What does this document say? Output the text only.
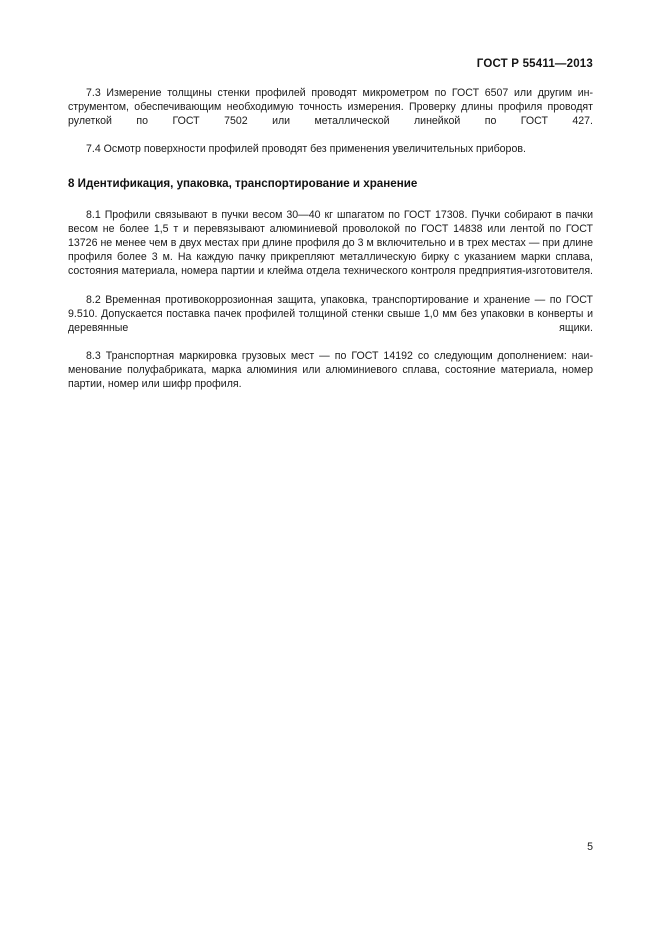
ГОСТ Р 55411—2013

7.3 Измерение толщины стенки профилей проводят микрометром по ГОСТ 6507 или другим инструментом, обеспечивающим необходимую точность измерения. Проверку длины профиля проводят рулеткой по ГОСТ 7502 или металлической линейкой по ГОСТ 427.

7.4 Осмотр поверхности профилей проводят без применения увеличительных приборов.

8 Идентификация, упаковка, транспортирование и хранение

8.1 Профили связывают в пучки весом 30—40 кг шпагатом по ГОСТ 17308. Пучки собирают в пачки весом не более 1,5 т и перевязывают алюминиевой проволокой по ГОСТ 14838 или лентой по ГОСТ 13726 не менее чем в двух местах при длине профиля до 3 м включительно и в трех местах — при длине профиля более 3 м. На каждую пачку прикрепляют металлическую бирку с указанием марки сплава, состояния материала, номера партии и клейма отдела технического контроля предприятия-изготовителя.

8.2 Временная противокоррозионная защита, упаковка, транспортирование и хранение — по ГОСТ 9.510. Допускается поставка пачек профилей толщиной стенки свыше 1,0 мм без упаковки в конверты и деревянные ящики.

8.3 Транспортная маркировка грузовых мест — по ГОСТ 14192 со следующим дополнением: наименование полуфабриката, марка алюминия или алюминиевого сплава, состояние материала, номер партии, номер или шифр профиля.

5
